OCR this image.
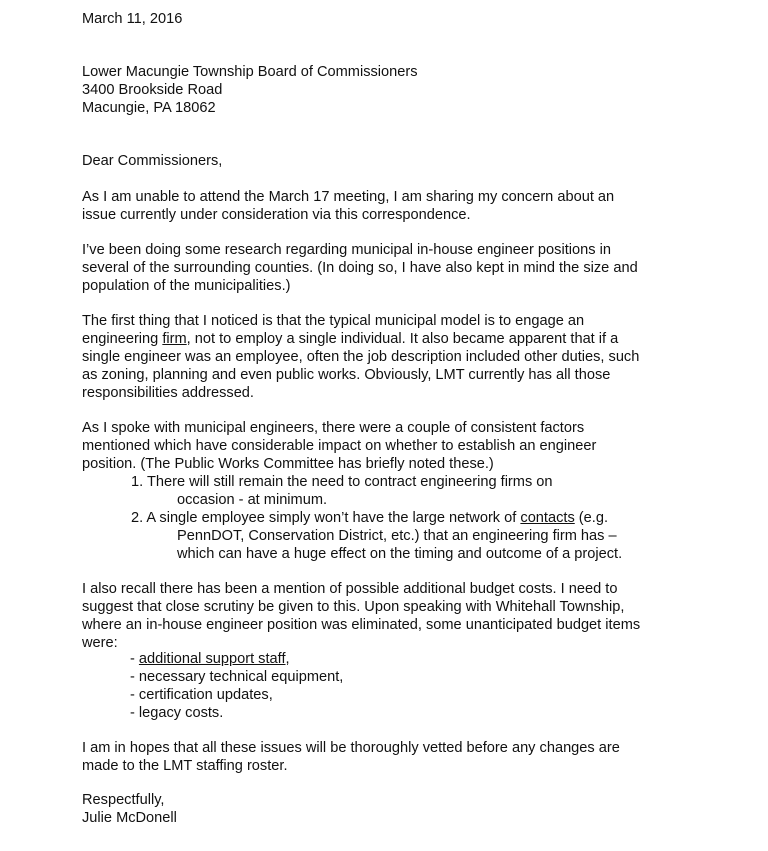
March 11, 2016
Lower Macungie Township Board of Commissioners
3400 Brookside Road
Macungie, PA 18062
Dear Commissioners,
As I am unable to attend the March 17 meeting, I am sharing my concern about an
issue currently under consideration via this correspondence.
I’ve been doing some research regarding municipal in-house engineer positions in
several of the surrounding counties. (In doing so, I have also kept in mind the size and
population of the municipalities.)
The first thing that I noticed is that the typical municipal model is to engage an
engineering firm, not to employ a single individual. It also became apparent that if a
single engineer was an employee, often the job description included other duties, such
as zoning, planning and even public works. Obviously, LMT currently has all those
responsibilities addressed.
As I spoke with municipal engineers, there were a couple of consistent factors
mentioned which have considerable impact on whether to establish an engineer
position. (The Public Works Committee has briefly noted these.)
1. There will still remain the need to contract engineering firms on
occasion - at minimum.
2. A single employee simply won’t have the large network of contacts (e.g.
PennDOT, Conservation District, etc.) that an engineering firm has –
which can have a huge effect on the timing and outcome of a project.
I also recall there has been a mention of possible additional budget costs. I need to
suggest that close scrutiny be given to this. Upon speaking with Whitehall Township,
where an in-house engineer position was eliminated, some unanticipated budget items
were:
- additional support staff,
- necessary technical equipment,
- certification updates,
- legacy costs.
I am in hopes that all these issues will be thoroughly vetted before any changes are
made to the LMT staffing roster.
Respectfully,
Julie McDonell
